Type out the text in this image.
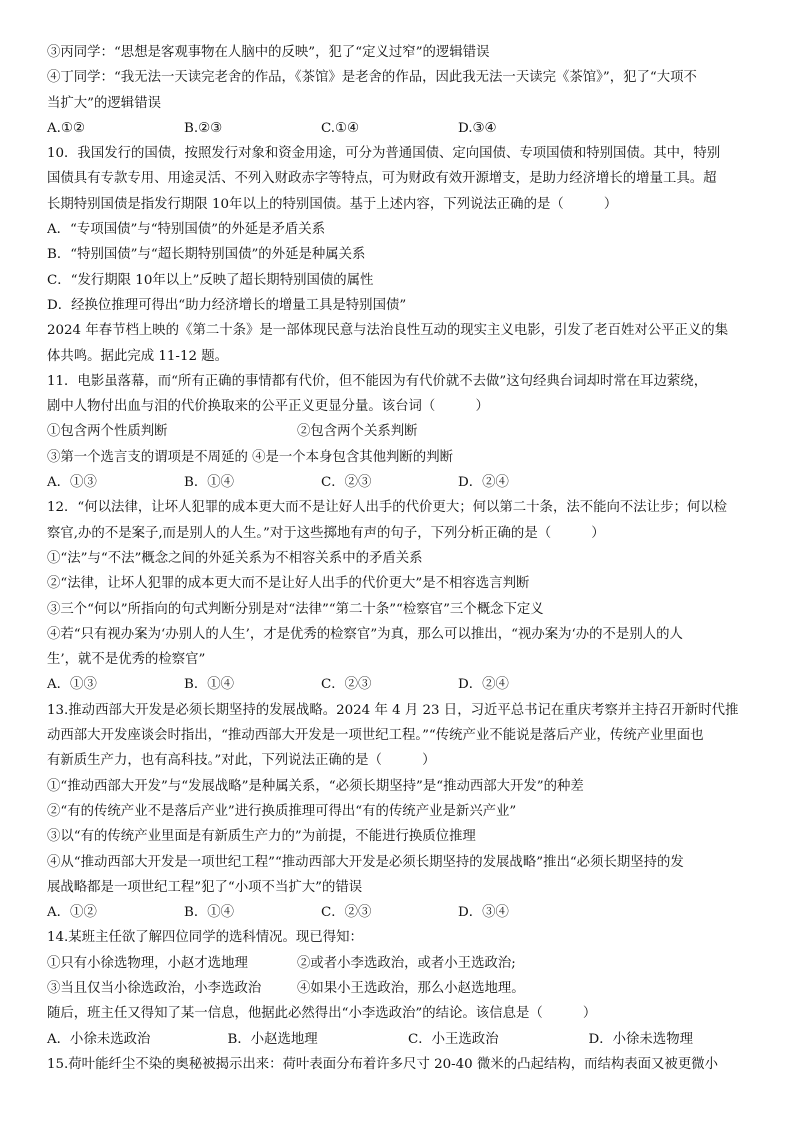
③丙同学：“思想是客观事物在人脑中的反映”，犯了“定义过窄”的逻辑错误
④丁同学：“我无法一天读完老舍的作品，《茶馆》是老舍的作品，因此我无法一天读完《茶馆》”，犯了“大项不
当扩大”的逻辑错误
A.①②	B.②③	C.①④	D.③④
10．我国发行的国债，按照发行对象和资金用途，可分为普通国债、定向国债、专项国债和特别国债。其中，特别
国债具有专款专用、用途灵活、不列入财政赤字等特点，可为财政有效开源增支，是助力经济增长的增量工具。超
长期特别国债是指发行期限 10年以上的特别国债。基于上述内容，下列说法正确的是（　　　）
A．“专项国债”与“特别国债”的外延是矛盾关系
B．“特别国债”与“超长期特别国债”的外延是种属关系
C．“发行期限 10年以上”反映了超长期特别国债的属性
D．经换位推理可得出“助力经济增长的增量工具是特别国债”
2024 年春节档上映的《第二十条》是一部体现民意与法治良性互动的现实主义电影，引发了老百姓对公平正义的集
体共鸣。据此完成 11-12 题。
11．电影虽落幕，而“所有正确的事情都有代价，但不能因为有代价就不去做”这句经典台词却时常在耳边萦绕，
剧中人物付出血与泪的代价换取来的公平正义更显分量。该台词（　　　）
①包含两个性质判断	②包含两个关系判断
③第一个选言支的谓项是不周延的 ④是一个本身包含其他判断的判断
A．①③	B．①④	C．②③	D．②④
12．“何以法律，让坏人犯罪的成本更大而不是让好人出手的代价更大；何以第二十条，法不能向不法让步；何以检
察官,办的不是案子,而是别人的人生。”对于这些掷地有声的句子，下列分析正确的是（　　　）
①“法”与“不法”概念之间的外延关系为不相容关系中的矛盾关系
②“法律，让坏人犯罪的成本更大而不是让好人出手的代价更大”是不相容选言判断
③三个“何以”所指向的句式判断分别是对“法律”“第二十条”“检察官”三个概念下定义
④若“只有视办案为‘办别人的人生’，才是优秀的检察官”为真，那么可以推出，“视办案为‘办的不是别人的人
生’，就不是优秀的检察官”
A．①③	B．①④	C．②③	D．②④
13.推动西部大开发是必须长期坚持的发展战略。2024 年 4 月 23 日，习近平总书记在重庆考察并主持召开新时代推
动西部大开发座谈会时指出，“推动西部大开发是一项世纪工程。”“传统产业不能说是落后产业，传统产业里面也
有新质生产力，也有高科技。”对此，下列说法正确的是（　　　）
①“推动西部大开发”与“发展战略”是种属关系，“必须长期坚持”是“推动西部大开发”的种差
②“有的传统产业不是落后产业”进行换质推理可得出“有的传统产业是新兴产业”
③以“有的传统产业里面是有新质生产力的”为前提，不能进行换质位推理
④从“推动西部大开发是一项世纪工程”“推动西部大开发是必须长期坚持的发展战略”推出“必须长期坚持的发
展战略都是一项世纪工程”犯了“小项不当扩大”的错误
A．①②	B．①④	C．②③	D．③④
14.某班主任欲了解四位同学的选科情况。现已得知：
①只有小徐选物理，小赵才选地理	②或者小李选政治，或者小王选政治;
③当且仅当小徐选政治，小李选政治	④如果小王选政治，那么小赵选地理。
随后，班主任又得知了某一信息，他据此必然得出“小李选政治”的结论。该信息是（　　　）
A．小徐未选政治	B．小赵选地理	C．小王选政治	D．小徐未选物理
15.荷叶能纤尘不染的奥秘被揭示出来：荷叶表面分布着许多尺寸 20-40 微米的凸起结构，而结构表面又被更微小
